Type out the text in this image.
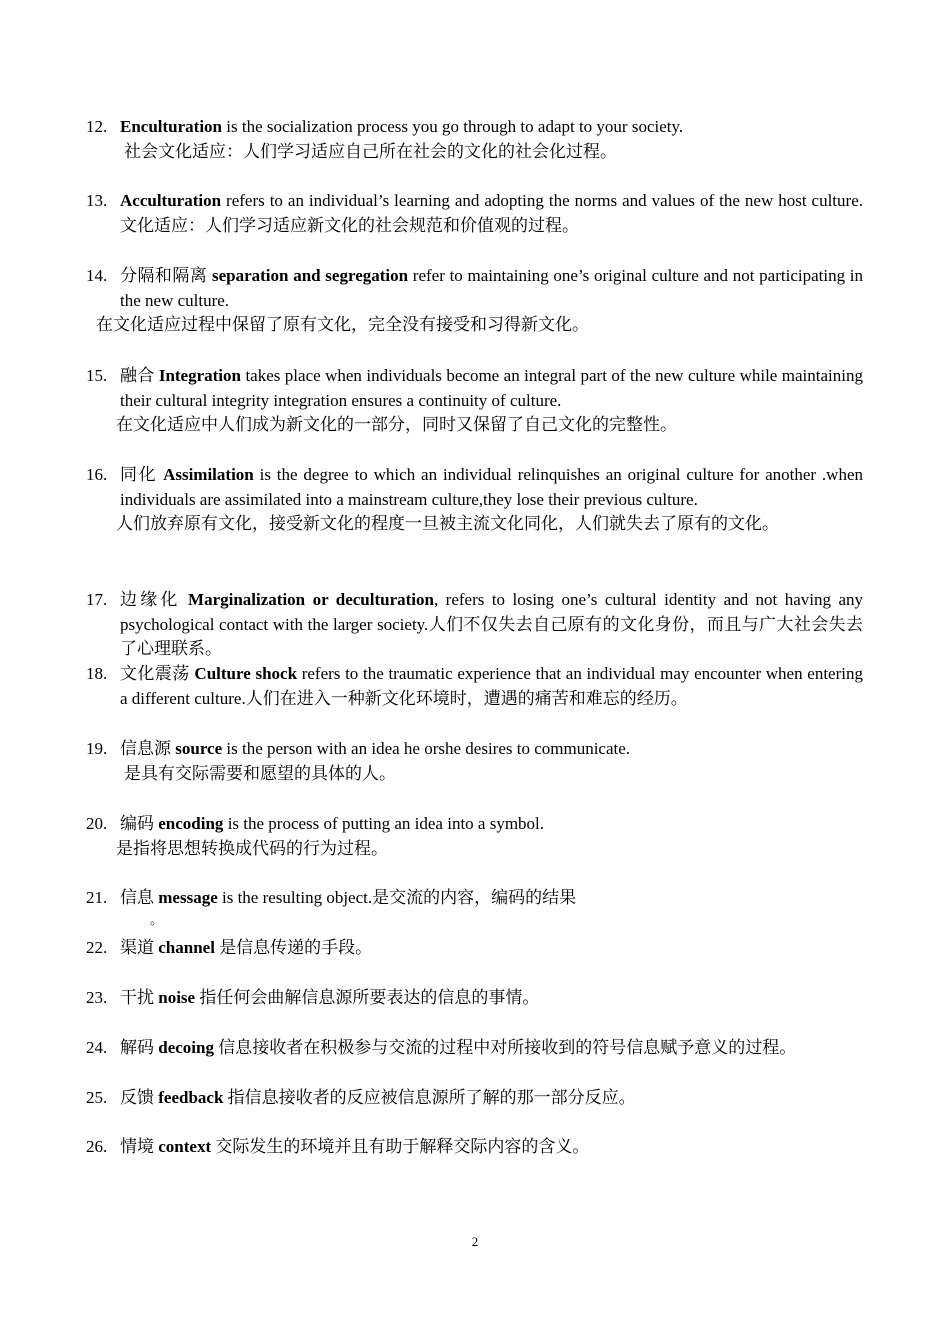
12. Enculturation is the socialization process you go through to adapt to your society.
社会文化适应：人们学习适应自己所在社会的文化的社会化过程。
13. Acculturation refers to an individual’s learning and adopting the norms and values of the new host culture. 文化适应：人们学习适应新文化的社会规范和价值观的过程。
14. 分隔和隔离 separation and segregation refer to maintaining one’s original culture and not participating in the new culture.
在文化适应过程中保留了原有文化，完全没有接受和习得新文化。
15. 融合 Integration takes place when individuals become an integral part of the new culture while maintaining their cultural integrity integration ensures a continuity of culture.
在文化适应中人们成为新文化的一部分，同时又保留了自己文化的完整性。
16. 同化 Assimilation is the degree to which an individual relinquishes an original culture for another .when individuals are assimilated into a mainstream culture,they lose their previous culture.
人们放弃原有文化，接受新文化的程度一旦被主流文化同化，人们就失去了原有的文化。
17. 边缘化 Marginalization or deculturation, refers to losing one’s cultural identity and not having any psychological contact with the larger society.人们不仅失去自己原有的文化身份，而且与广大社会失去了心理联系。
18. 文化震荡 Culture shock refers to the traumatic experience that an individual may encounter when entering a different culture.人们在进入一种新文化环境时，遭遇的痛苦和难忘的经历。
19. 信息源 source is the person with an idea he orshe desires to communicate.
是具有交际需要和愿望的具体的人。
20. 编码 encoding is the process of putting an idea into a symbol.
是指将思想转换成代码的行为过程。
21. 信息 message is the resulting object.是交流的内容，编码的结果
。
22. 渠道 channel 是信息传递的手段。
23. 干扰 noise 指任何会曲解信息源所要表达的信息的事情。
24. 解码 decoing 信息接收者在积极参与交流的过程中对所接收到的符号信息赋予意义的过程。
25. 反馈 feedback 指信息接收者的反应被信息源所了解的那一部分反应。
26. 情境 context 交际发生的环境并且有助于解释交际内容的含义。
2
